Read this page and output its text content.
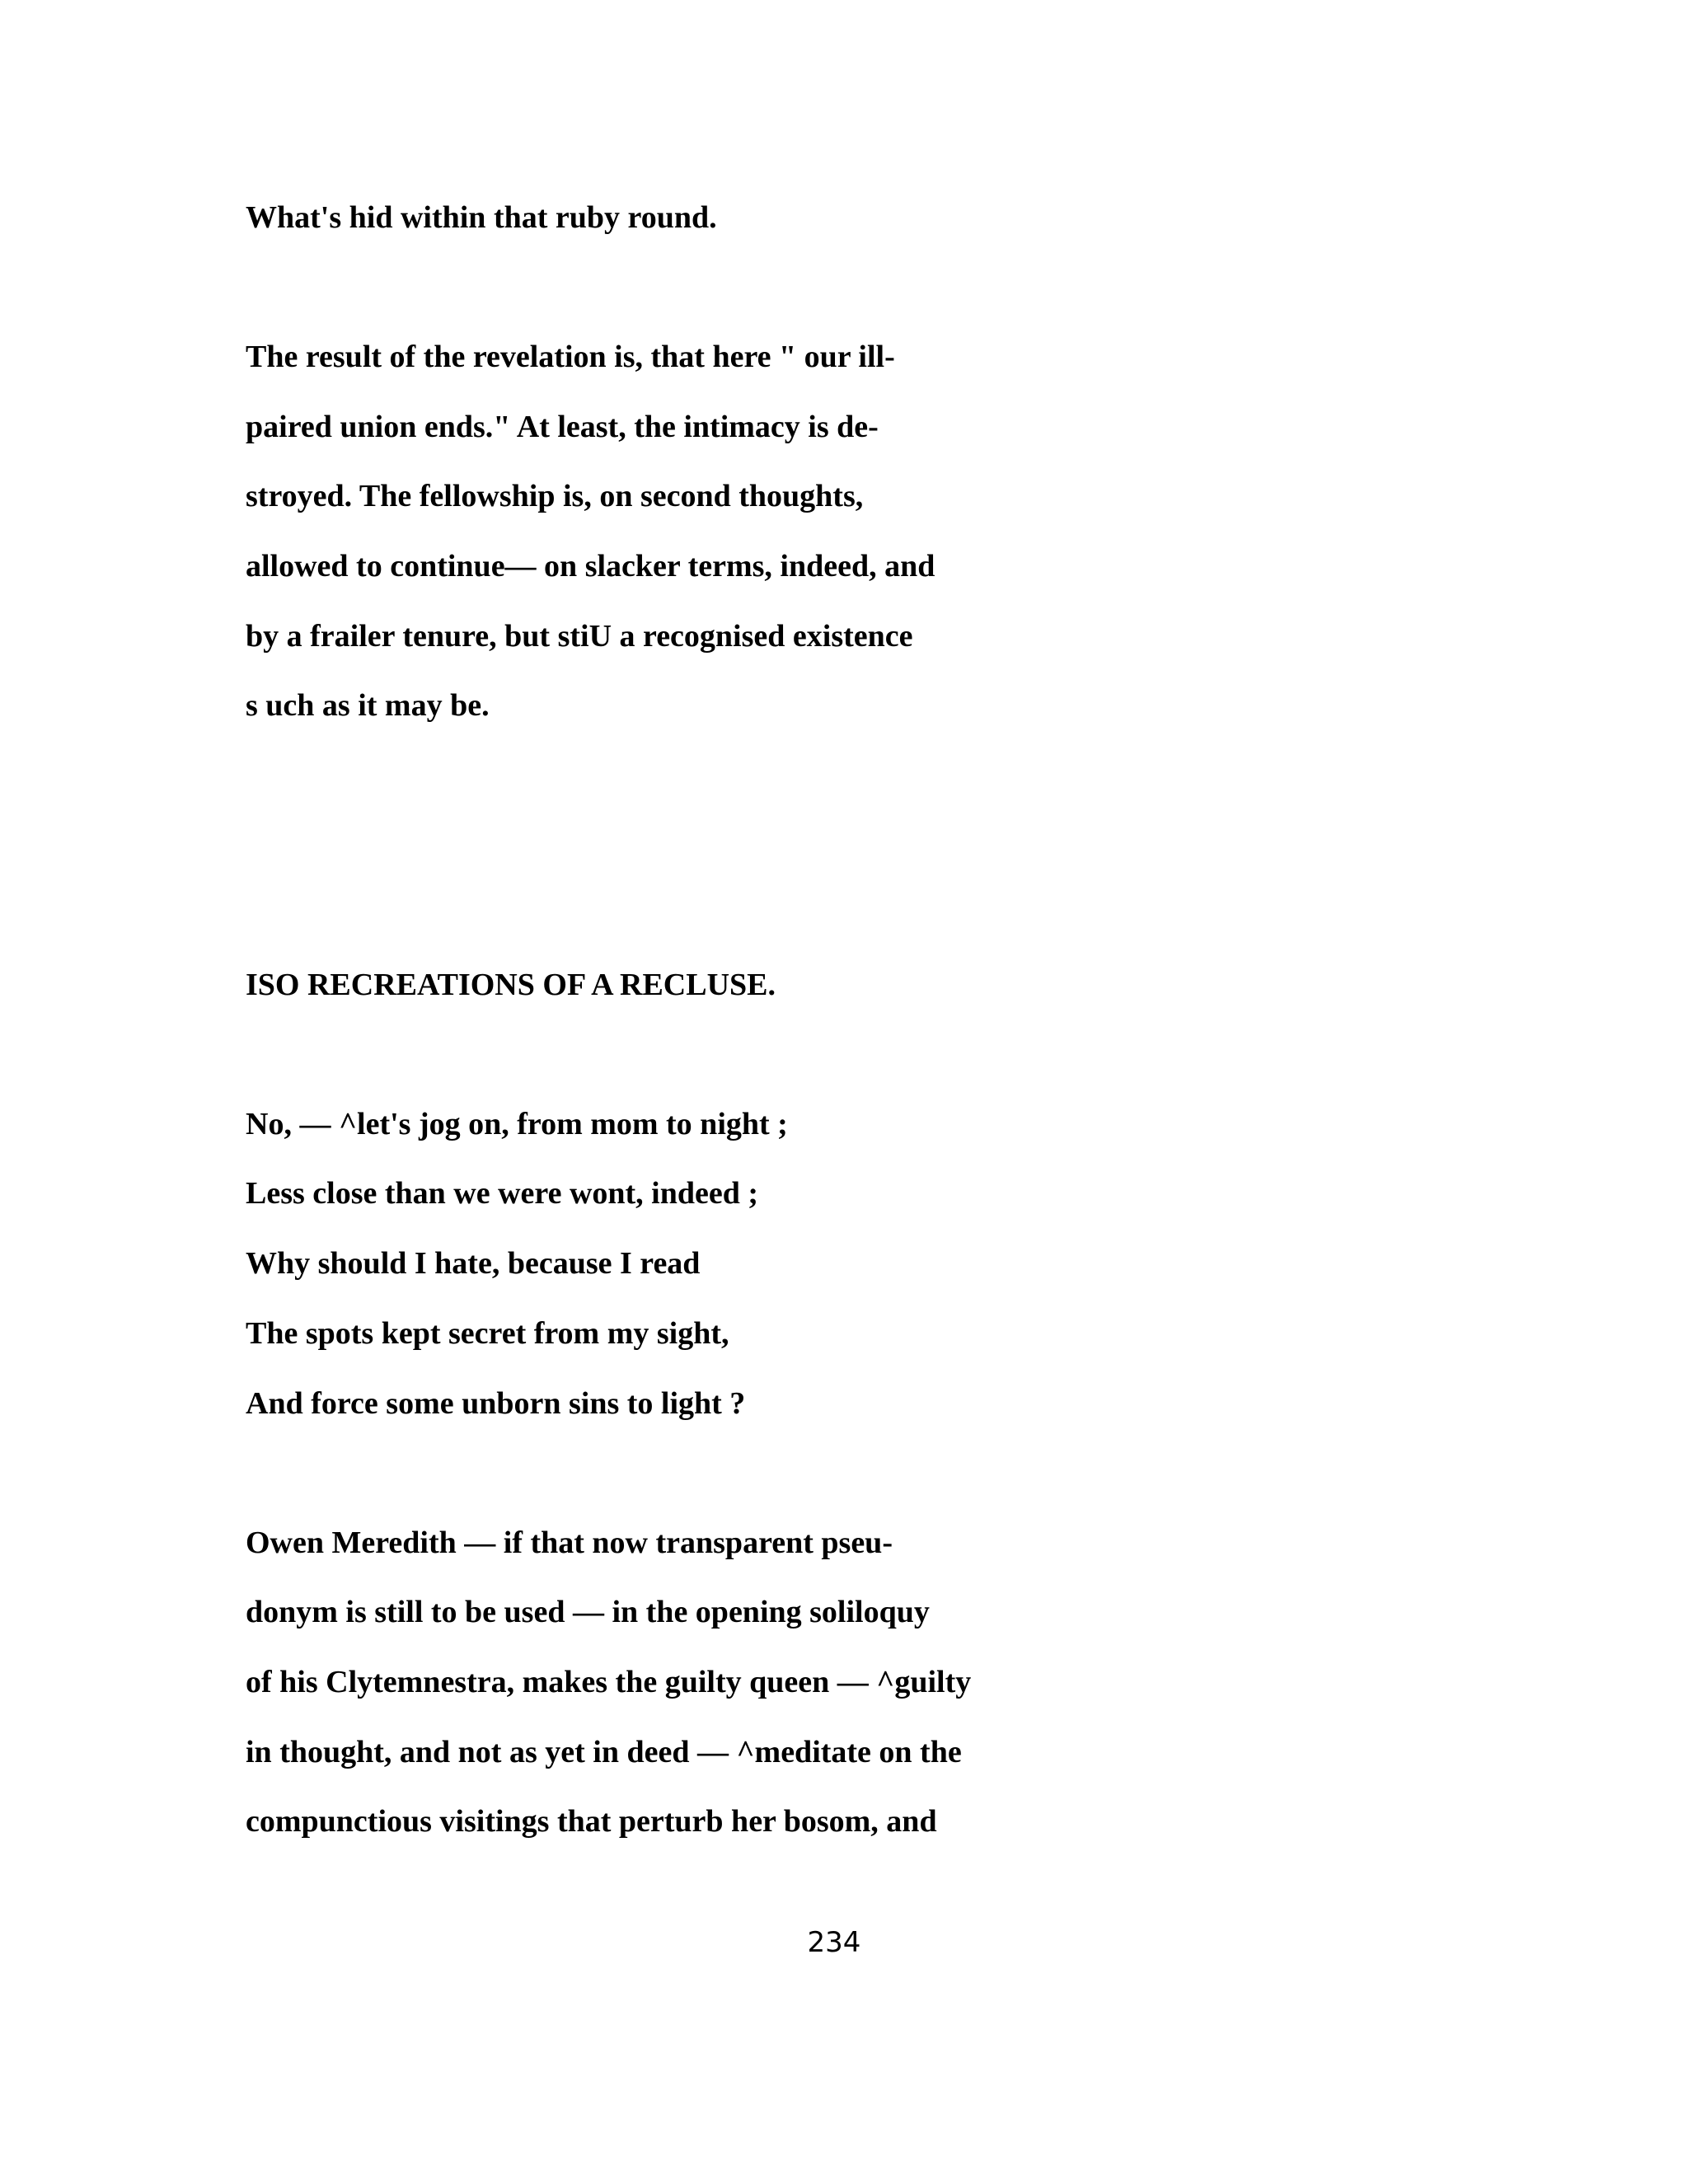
What's hid within that ruby round.

The result of the revelation is, that here " our ill-

paired union ends." At least, the intimacy is de-

stroyed. The fellowship is, on second thoughts,

allowed to continue— on slacker terms, indeed, and

by a frailer tenure, but stiU a recognised existence

s uch as it may be.

ISO RECREATIONS OF A RECLUSE.

No, — ^let's jog on, from mom to night ;

Less close than we were wont, indeed ;

Why should I hate, because I read

The spots kept secret from my sight,

And force some unborn sins to light ?

Owen Meredith — if that now transparent pseu-

donym is still to be used — in the opening soliloquy

of his Clytemnestra, makes the guilty queen — ^guilty

in thought, and not as yet in deed — ^meditate on the

compunctious visitings that perturb her bosom, and

234
